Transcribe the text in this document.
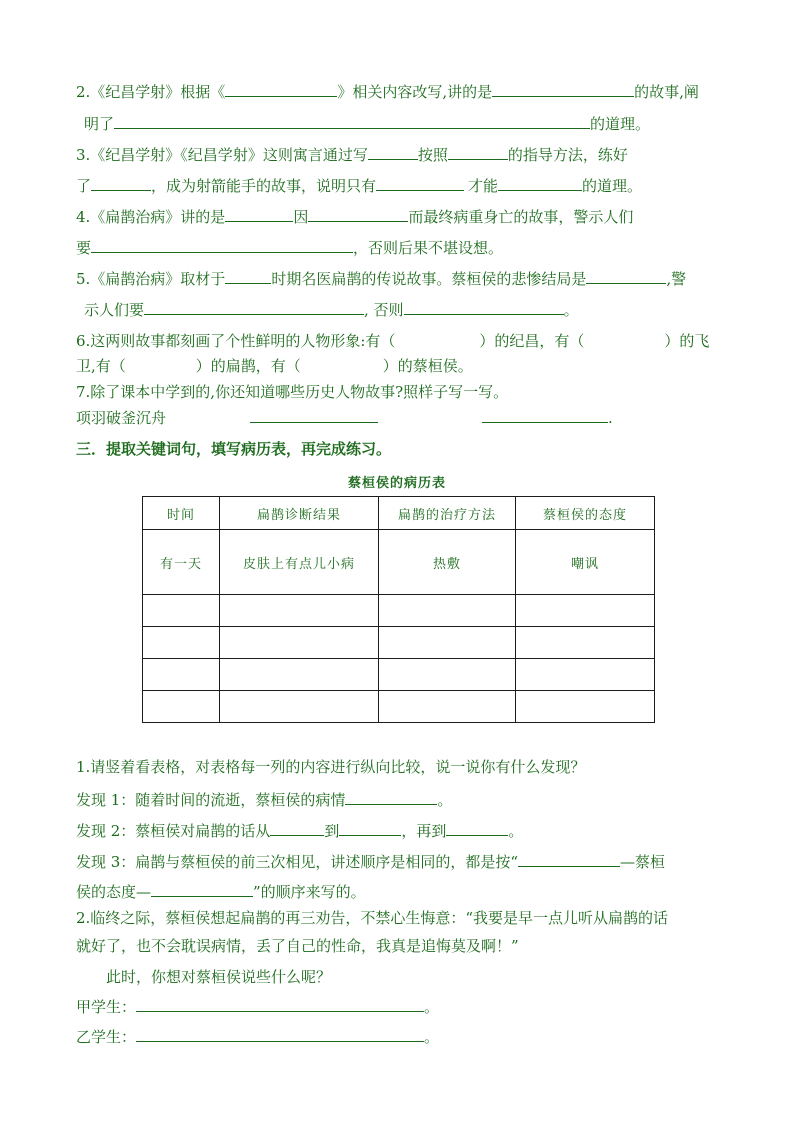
2.《纪昌学射》根据《	》相关内容改写,讲的是	的故事,阐
明了	的道理。
3.《纪昌学射》《纪昌学射》这则寓言通过写	按照	的指导方法，练好
了	，成为射箭能手的故事，说明只有	才能	的道理。
4.《扁鹊治病》讲的是	因	而最终病重身亡的故事，警示人们
要	，否则后果不堪设想。
5.《扁鹊治病》取材于	时期名医扁鹊的传说故事。蔡桓侯的悲惨结局是	,警
示人们要	, 否则	。
6.这两则故事都刻画了个性鲜明的人物形象:有（	）的纪昌，有（	）的飞
卫,有（	）的扁鹊，有（	）的蔡桓侯。
7.除了课本中学到的,你还知道哪些历史人物故事?照样子写一写。
项羽破釜沉舟	.
三．提取关键词句，填写病历表，再完成练习。
蔡桓侯的病历表
时间	扁鹊诊断结果	扁鹊的治疗方法	蔡桓侯的态度
有一天	皮肤上有点儿小病	热敷	嘲讽

1.请竖着看表格，对表格每一列的内容进行纵向比较，说一说你有什么发现？
发现 1：随着时间的流逝，蔡桓侯的病情	。
发现 2：蔡桓侯对扁鹊的话从	到	，再到	。
发现 3：扁鹊与蔡桓侯的前三次相见，讲述顺序是相同的，都是按“	—蔡桓
侯的态度—	”的顺序来写的。
2.临终之际，蔡桓侯想起扁鹊的再三劝告，不禁心生悔意：“我要是早一点儿听从扁鹊的话
就好了，也不会耽误病情，丢了自己的性命，我真是追悔莫及啊！”
此时，你想对蔡桓侯说些什么呢？
甲学生：	。
乙学生：	。
